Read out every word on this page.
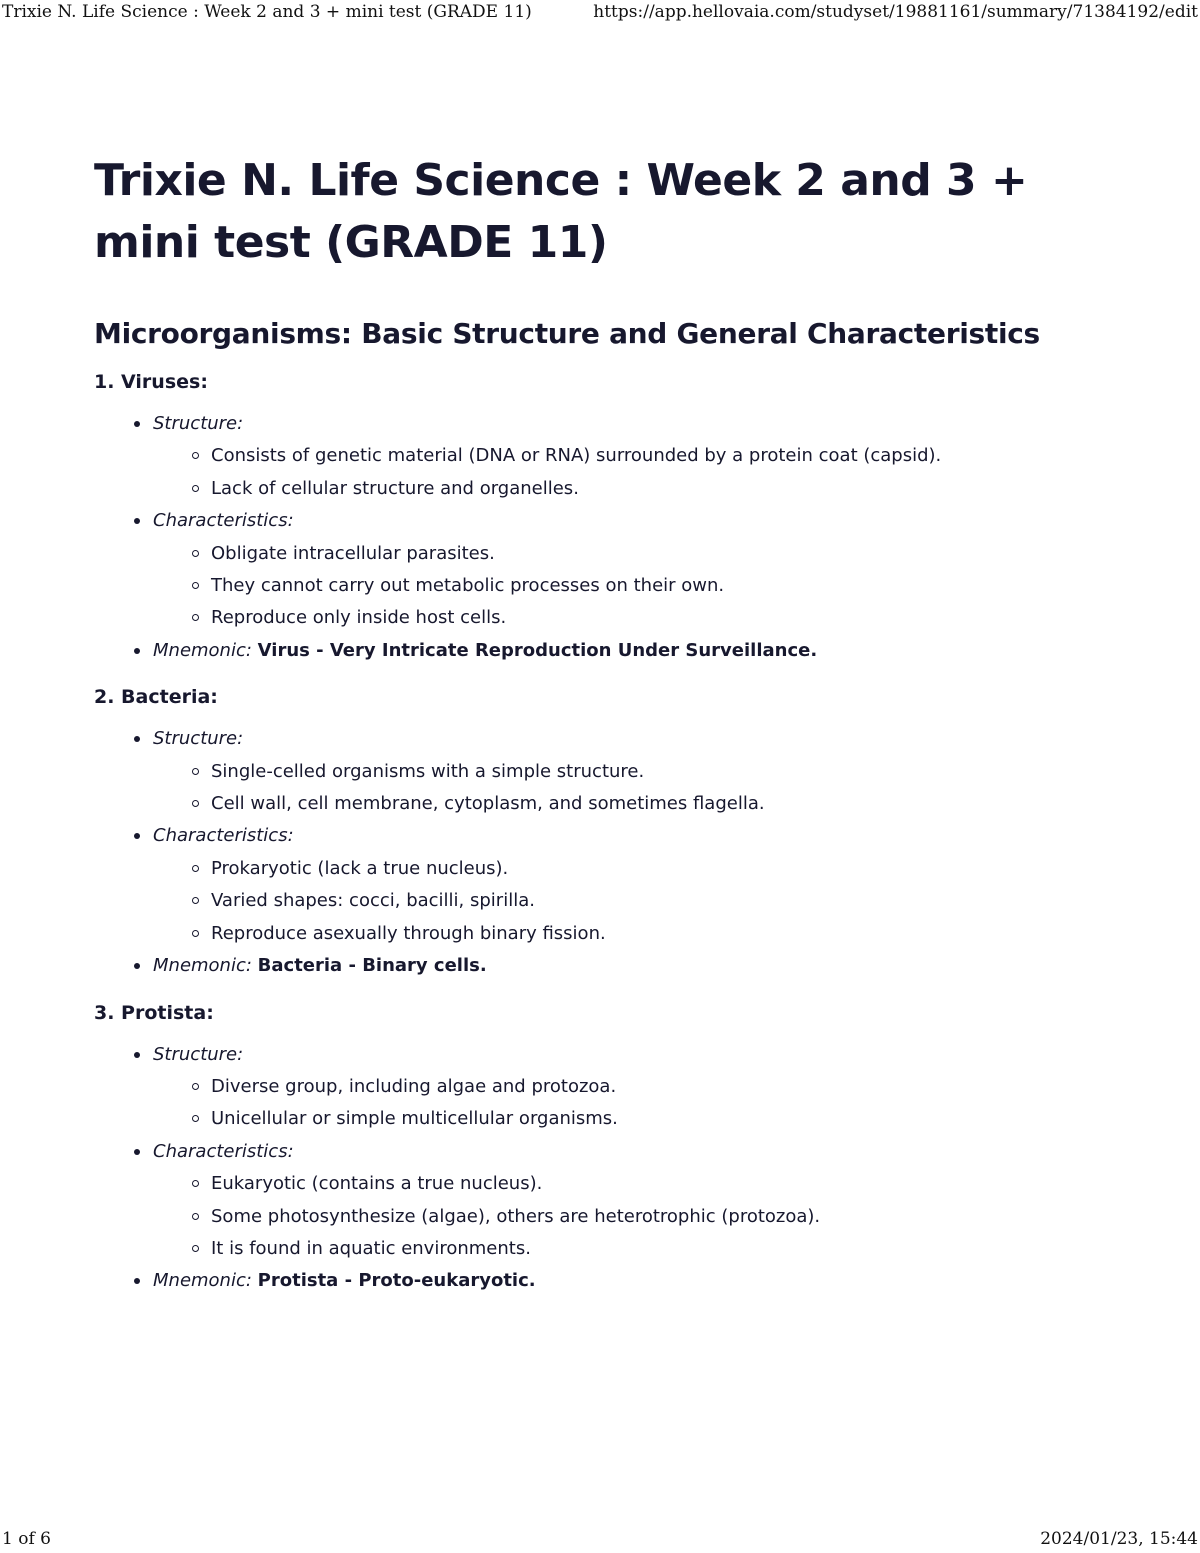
Trixie N. Life Science : Week 2 and 3 + mini test (GRADE 11)	https://app.hellovaia.com/studyset/19881161/summary/71384192/edit
Trixie N. Life Science : Week 2 and 3 + mini test (GRADE 11)
Microorganisms: Basic Structure and General Characteristics
1. Viruses:
Structure:
Consists of genetic material (DNA or RNA) surrounded by a protein coat (capsid).
Lack of cellular structure and organelles.
Characteristics:
Obligate intracellular parasites.
They cannot carry out metabolic processes on their own.
Reproduce only inside host cells.
Mnemonic: Virus - Very Intricate Reproduction Under Surveillance.
2. Bacteria:
Structure:
Single-celled organisms with a simple structure.
Cell wall, cell membrane, cytoplasm, and sometimes flagella.
Characteristics:
Prokaryotic (lack a true nucleus).
Varied shapes: cocci, bacilli, spirilla.
Reproduce asexually through binary fission.
Mnemonic: Bacteria - Binary cells.
3. Protista:
Structure:
Diverse group, including algae and protozoa.
Unicellular or simple multicellular organisms.
Characteristics:
Eukaryotic (contains a true nucleus).
Some photosynthesize (algae), others are heterotrophic (protozoa).
It is found in aquatic environments.
Mnemonic: Protista - Proto-eukaryotic.
1 of 6	2024/01/23, 15:44
